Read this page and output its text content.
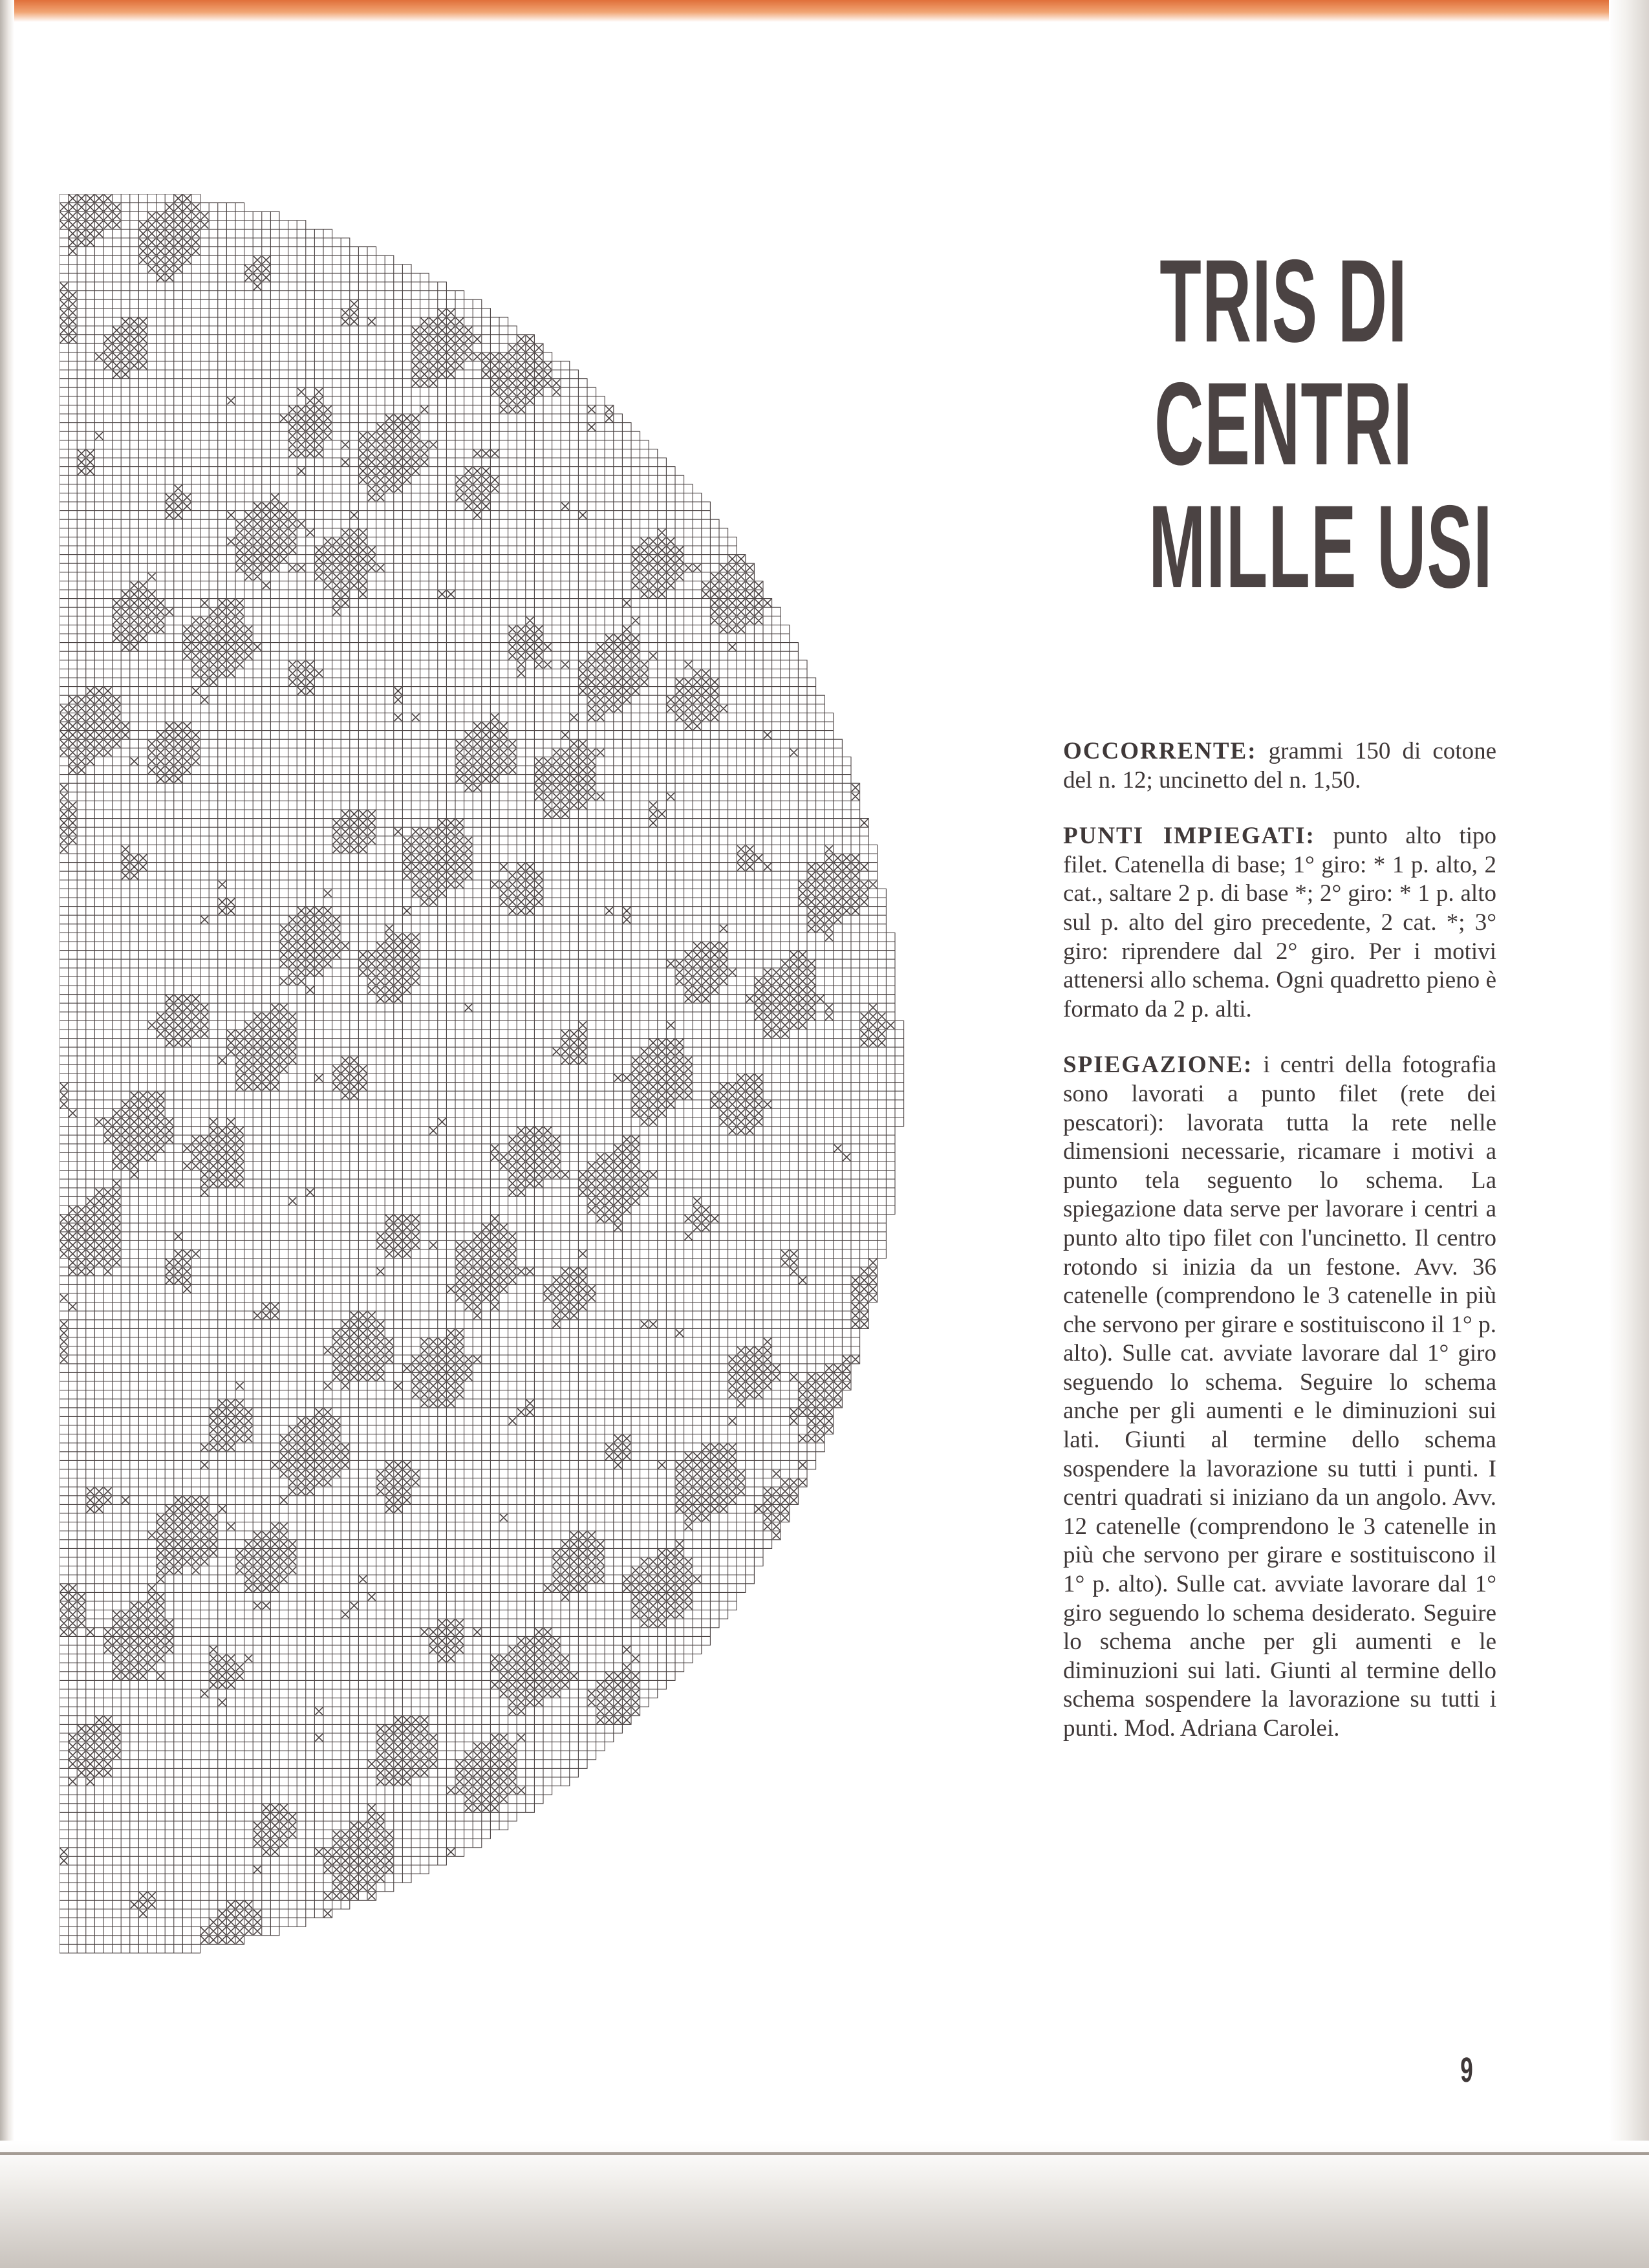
TRIS DI
CENTRI
MILLE USI

OCCORRENTE: grammi 150 di cotone del n. 12; uncinetto del n. 1,50.

PUNTI IMPIEGATI: punto alto tipo filet. Catenella di base; 1° giro: * 1 p. alto, 2 cat., saltare 2 p. di base *; 2° giro: * 1 p. alto sul p. alto del giro precedente, 2 cat. *; 3° giro: riprendere dal 2° giro. Per i motivi attenersi allo schema. Ogni quadretto pieno è formato da 2 p. alti.

SPIEGAZIONE: i centri della fotografia sono lavorati a punto filet (rete dei pescatori): lavorata tutta la rete nelle dimensioni necessarie, ricamare i motivi a punto tela seguento lo schema. La spiegazione data serve per lavorare i centri a punto alto tipo filet con l'uncinetto. Il centro rotondo si inizia da un festone. Avv. 36 catenelle (comprendono le 3 catenelle in più che servono per girare e sostituiscono il 1° p. alto). Sulle cat. avviate lavorare dal 1° giro seguendo lo schema. Seguire lo schema anche per gli aumenti e le diminuzioni sui lati. Giunti al termine dello schema sospendere la lavorazione su tutti i punti. I centri quadrati si iniziano da un angolo. Avv. 12 catenelle (comprendono le 3 catenelle in più che servono per girare e sostituiscono il 1° p. alto). Sulle cat. avviate lavorare dal 1° giro seguendo lo schema desiderato. Seguire lo schema anche per gli aumenti e le diminuzioni sui lati. Giunti al termine dello schema sospendere la lavorazione su tutti i punti. Mod. Adriana Carolei.

9
